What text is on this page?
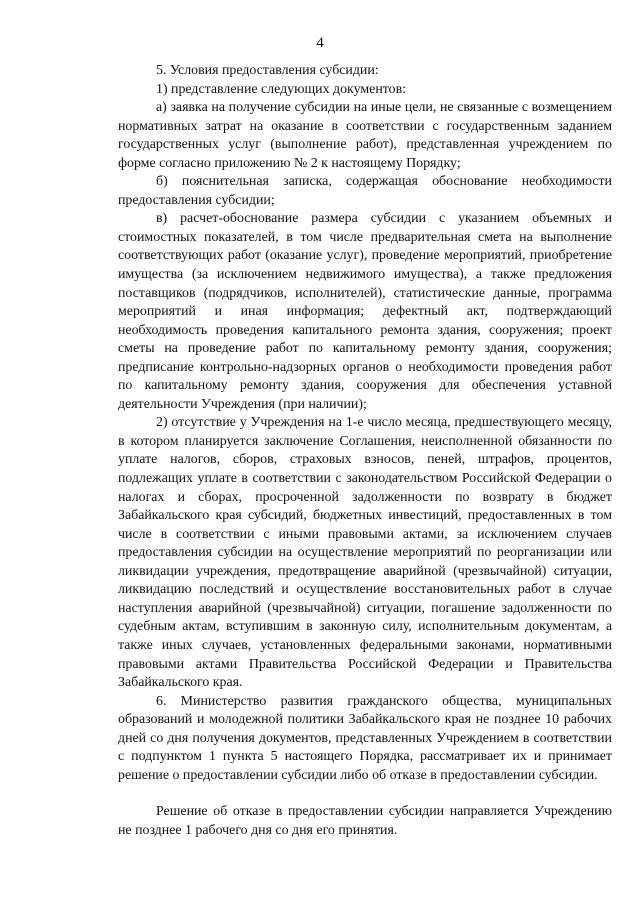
4

5. Условия предоставления субсидии:

1) представление следующих документов:

а) заявка на получение субсидии на иные цели, не связанные с возмещением нормативных затрат на оказание в соответствии с государственным заданием государственных услуг (выполнение работ), представленная учреждением по форме согласно приложению № 2 к настоящему Порядку;

б) пояснительная записка, содержащая обоснование необходимости предоставления субсидии;

в) расчет-обоснование размера субсидии с указанием объемных и стоимостных показателей, в том числе предварительная смета на выполнение соответствующих работ (оказание услуг), проведение мероприятий, приобретение имущества (за исключением недвижимого имущества), а также предложения поставщиков (подрядчиков, исполнителей), статистические данные, программа мероприятий и иная информация; дефектный акт, подтверждающий необходимость проведения капитального ремонта здания, сооружения; проект сметы на проведение работ по капитальному ремонту здания, сооружения; предписание контрольно-надзорных органов о необходимости проведения работ по капитальному ремонту здания, сооружения для обеспечения уставной деятельности Учреждения (при наличии);

2) отсутствие у Учреждения на 1-е число месяца, предшествующего месяцу, в котором планируется заключение Соглашения, неисполненной обязанности по уплате налогов, сборов, страховых взносов, пеней, штрафов, процентов, подлежащих уплате в соответствии с законодательством Российской Федерации о налогах и сборах, просроченной задолженности по возврату в бюджет Забайкальского края субсидий, бюджетных инвестиций, предоставленных в том числе в соответствии с иными правовыми актами, за исключением случаев предоставления субсидии на осуществление мероприятий по реорганизации или ликвидации учреждения, предотвращение аварийной (чрезвычайной) ситуации, ликвидацию последствий и осуществление восстановительных работ в случае наступления аварийной (чрезвычайной) ситуации, погашение задолженности по судебным актам, вступившим в законную силу, исполнительным документам, а также иных случаев, установленных федеральными законами, нормативными правовыми актами Правительства Российской Федерации и Правительства Забайкальского края.

6. Министерство развития гражданского общества, муниципальных образований и молодежной политики Забайкальского края не позднее 10 рабочих дней со дня получения документов, представленных Учреждением в соответствии с подпунктом 1 пункта 5 настоящего Порядка, рассматривает их и принимает решение о предоставлении субсидии либо об отказе в предоставлении субсидии.

Решение об отказе в предоставлении субсидии направляется Учреждению не позднее 1 рабочего дня со дня его принятия.
